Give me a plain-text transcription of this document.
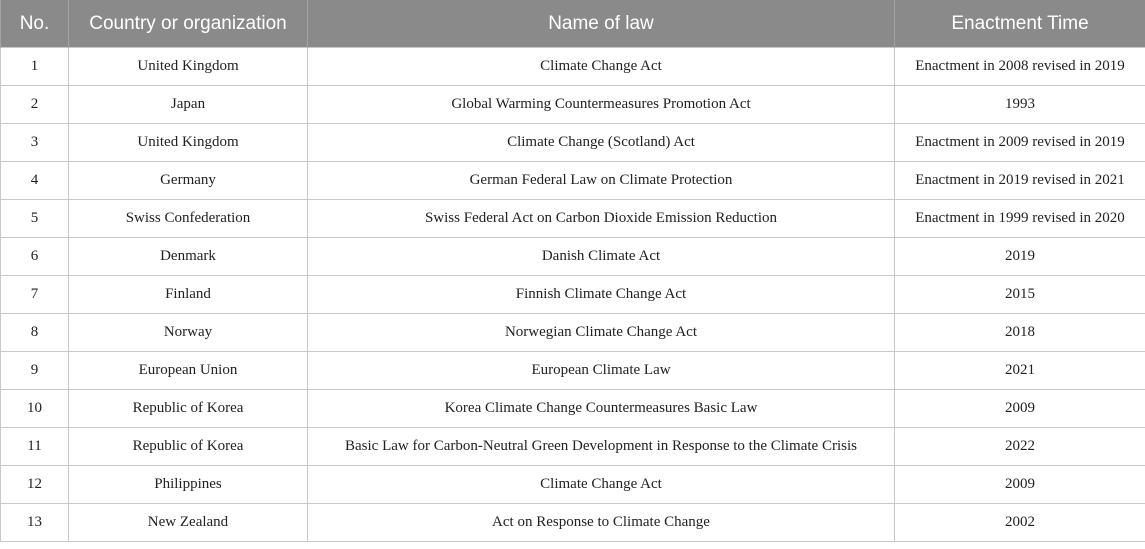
No.	Country or organization	Name of law	Enactment Time
1	United Kingdom	Climate Change Act	Enactment in 2008 revised in 2019
2	Japan	Global Warming Countermeasures Promotion Act	1993
3	United Kingdom	Climate Change (Scotland) Act	Enactment in 2009 revised in 2019
4	Germany	German Federal Law on Climate Protection	Enactment in 2019 revised in 2021
5	Swiss Confederation	Swiss Federal Act on Carbon Dioxide Emission Reduction	Enactment in 1999 revised in 2020
6	Denmark	Danish Climate Act	2019
7	Finland	Finnish Climate Change Act	2015
8	Norway	Norwegian Climate Change Act	2018
9	European Union	European Climate Law	2021
10	Republic of Korea	Korea Climate Change Countermeasures Basic Law	2009
11	Republic of Korea	Basic Law for Carbon-Neutral Green Development in Response to the Climate Crisis	2022
12	Philippines	Climate Change Act	2009
13	New Zealand	Act on Response to Climate Change	2002
